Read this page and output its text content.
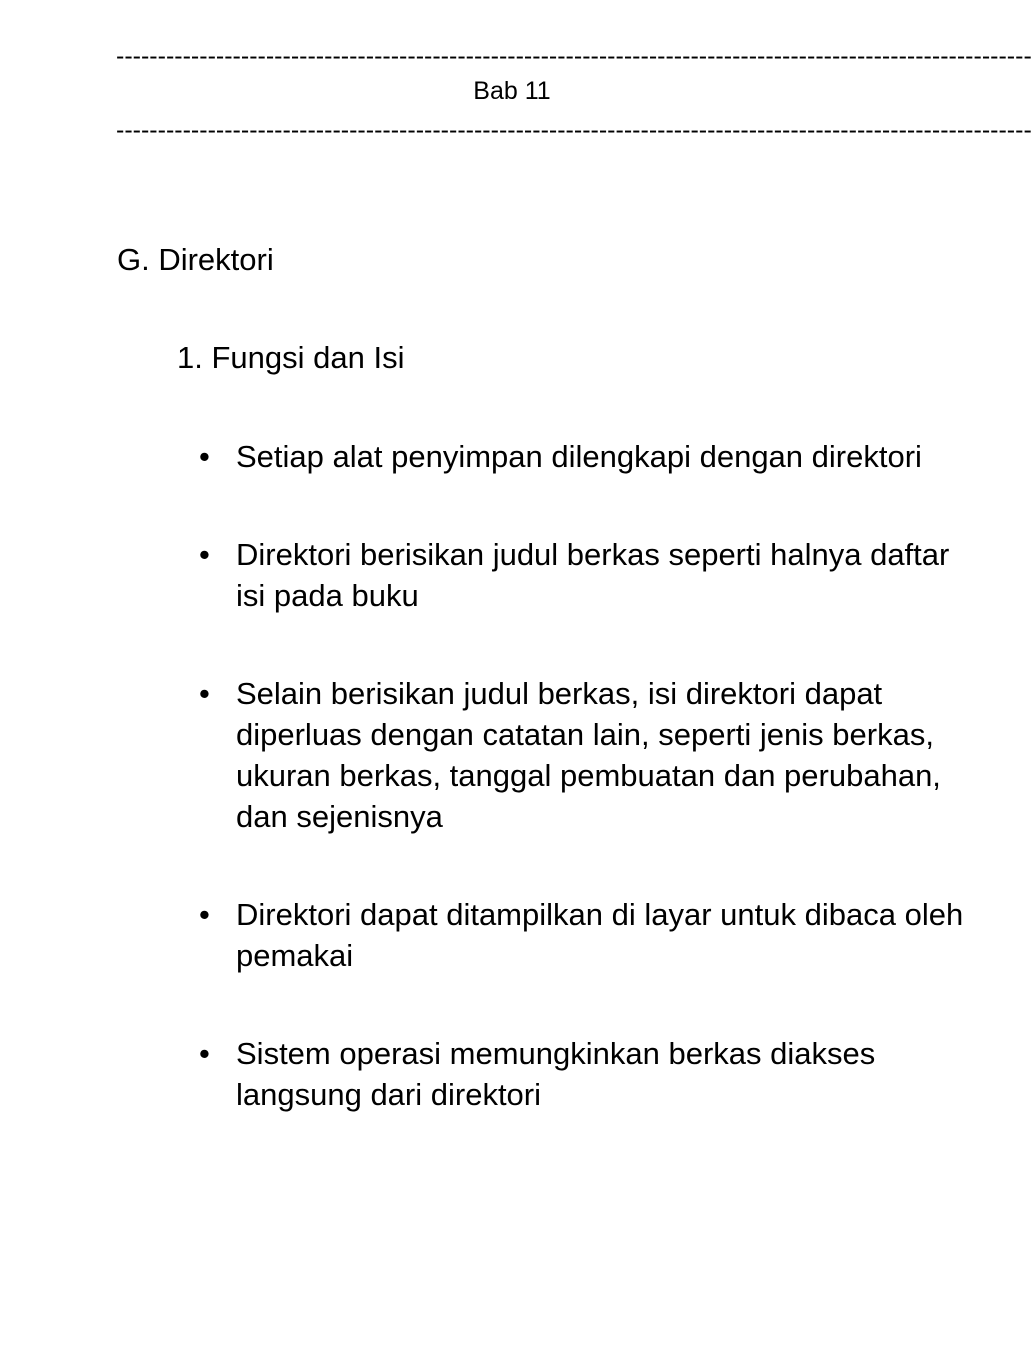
--------------------------------------------------------------------------------------------------------------
Bab 11
--------------------------------------------------------------------------------------------------------------
G. Direktori
1. Fungsi dan Isi
• Setiap alat penyimpan dilengkapi dengan direktori
• Direktori berisikan judul berkas seperti halnya daftar isi pada buku
• Selain berisikan judul berkas, isi direktori dapat diperluas dengan catatan lain, seperti jenis berkas, ukuran berkas, tanggal pembuatan dan perubahan, dan sejenisnya
• Direktori dapat ditampilkan di layar untuk dibaca oleh pemakai
• Sistem operasi memungkinkan berkas diakses langsung dari direktori
